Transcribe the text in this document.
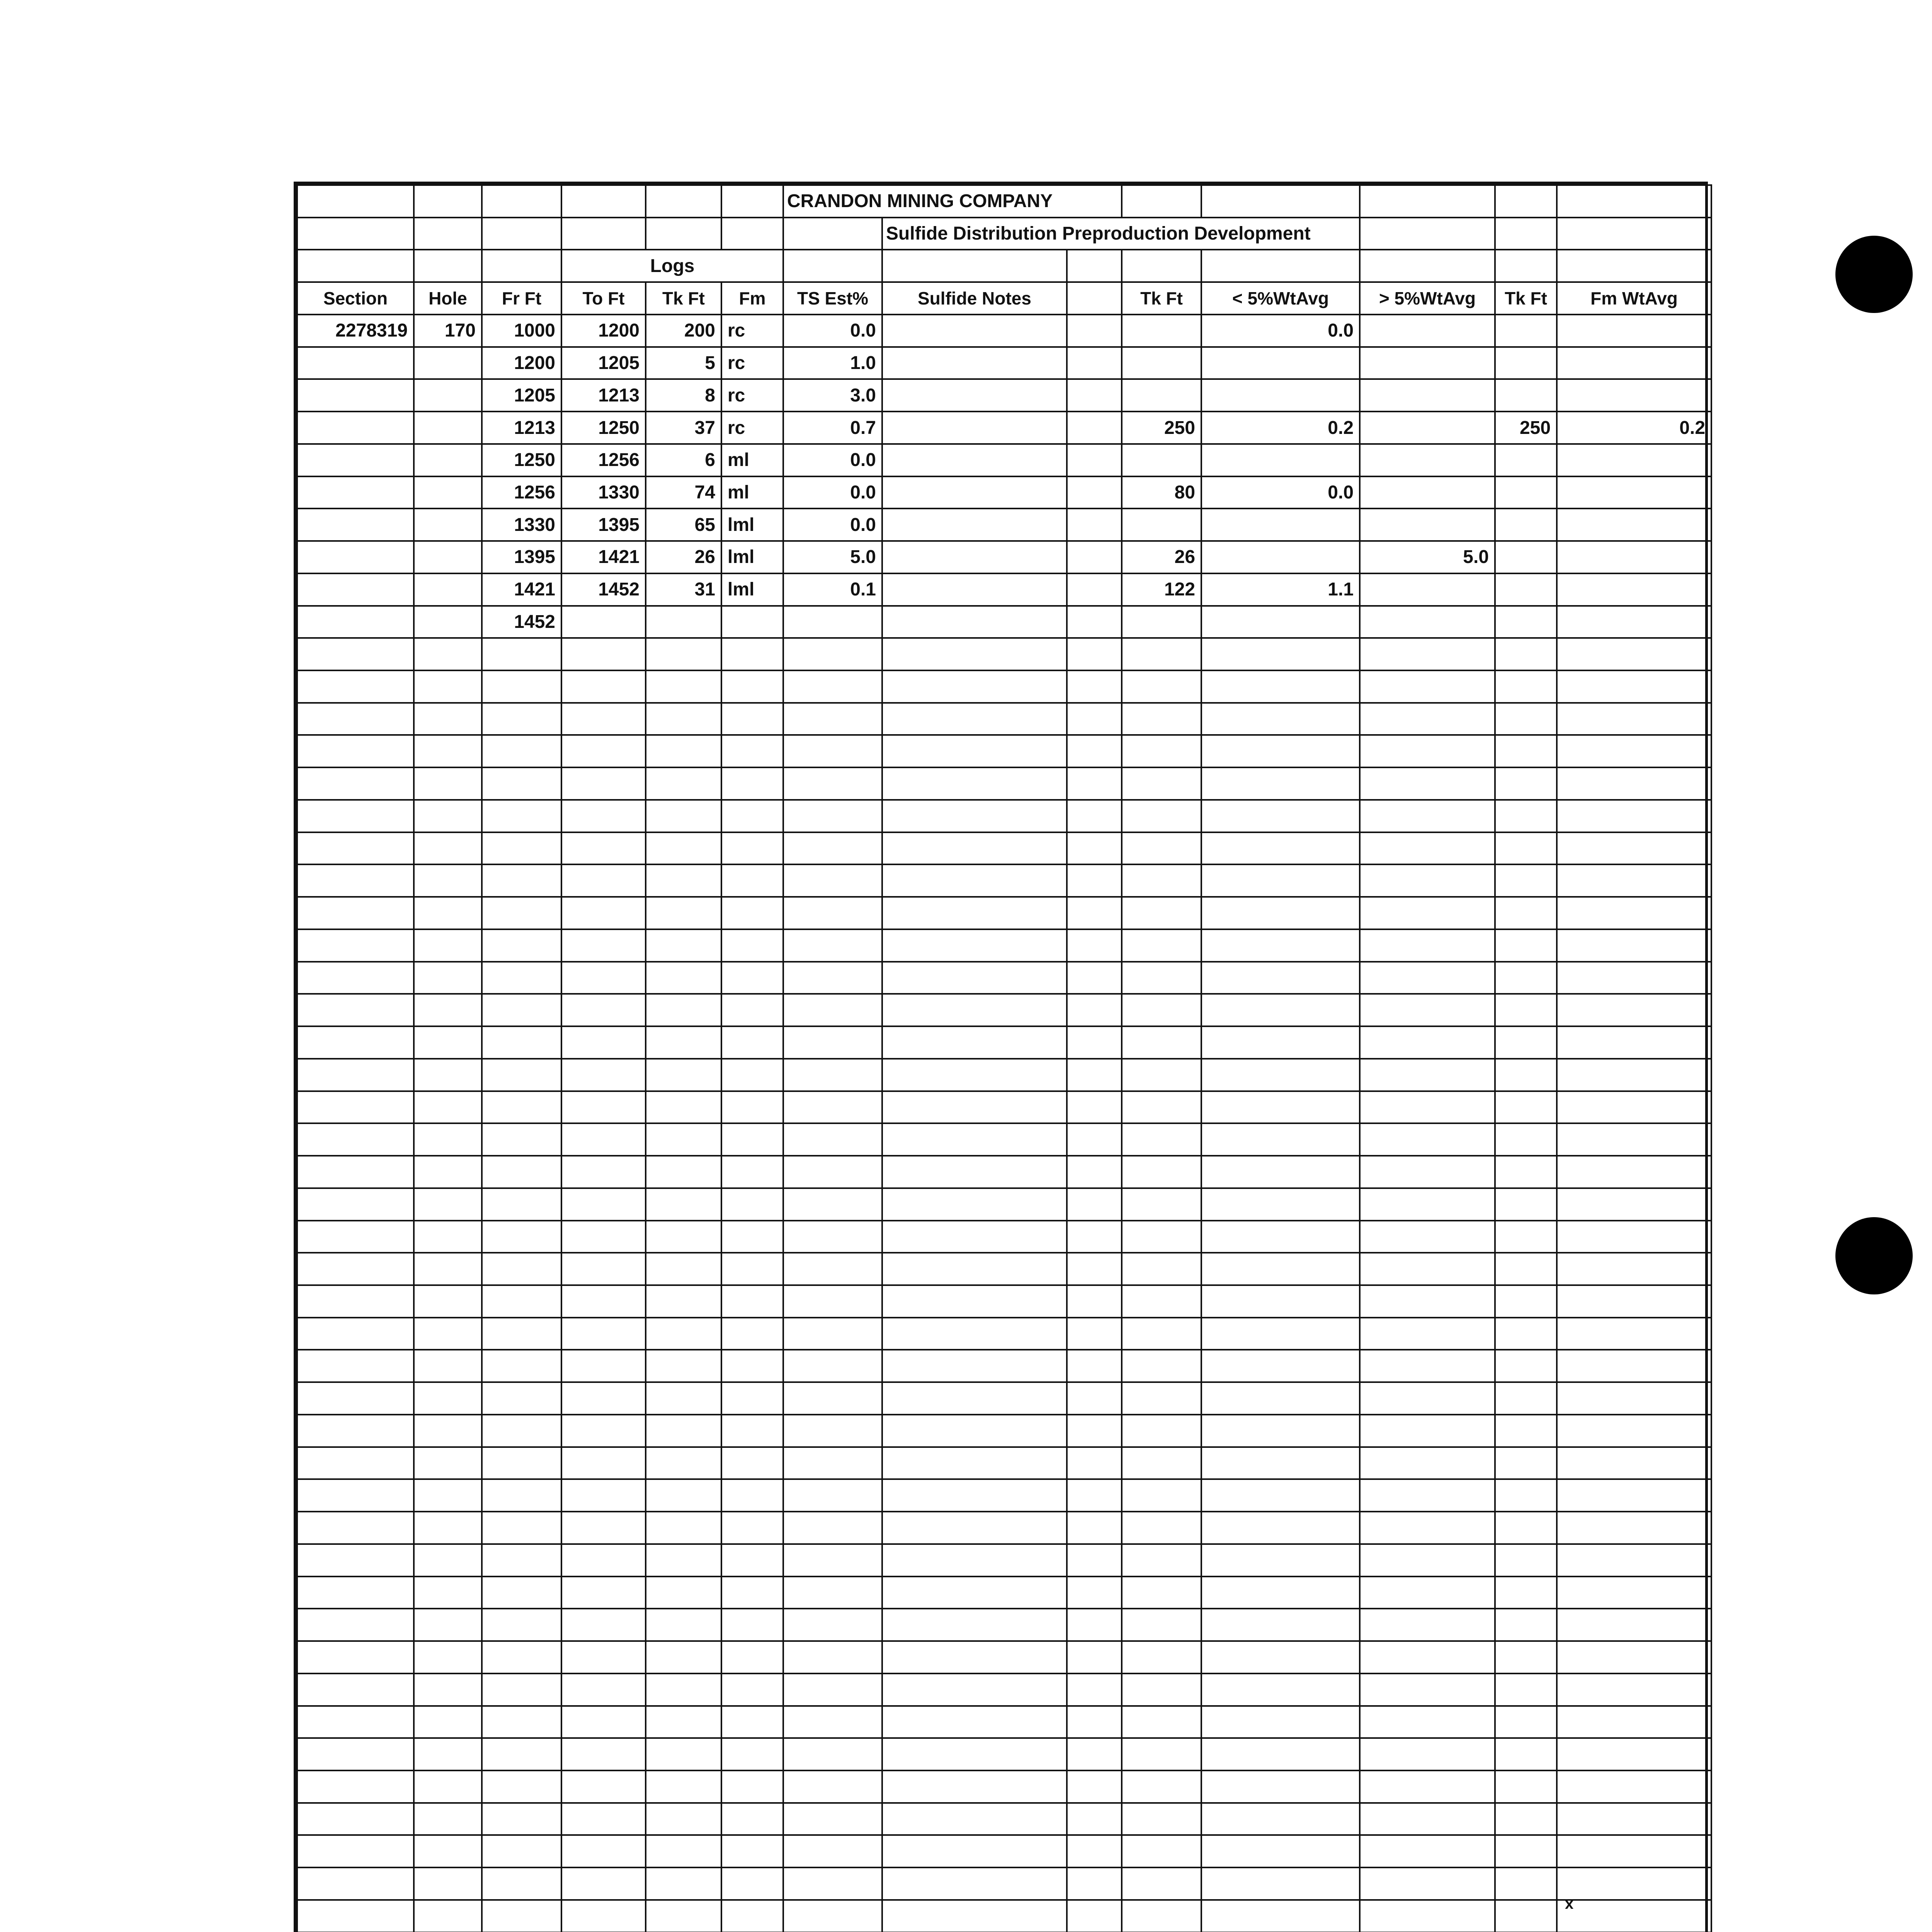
						CRANDON MINING COMPANY							
							Sulfide Distribution Preproduction Development						
			Logs										
Section	Hole	Fr Ft	To Ft	Tk Ft	Fm	TS Est%	Sulfide Notes		Tk Ft	< 5%WtAvg	> 5%WtAvg	Tk Ft	Fm WtAvg
2278319	170	1000	1200	200	rc	0.0				0.0			
		1200	1205	5	rc	1.0							
		1205	1213	8	rc	3.0							
		1213	1250	37	rc	0.7			250	0.2		250	0.2
		1250	1256	6	ml	0.0							
		1256	1330	74	ml	0.0			80	0.0			
		1330	1395	65	lml	0.0							
		1395	1421	26	lml	5.0			26		5.0		
		1421	1452	31	lml	0.1			122	1.1			
		1452											

x
